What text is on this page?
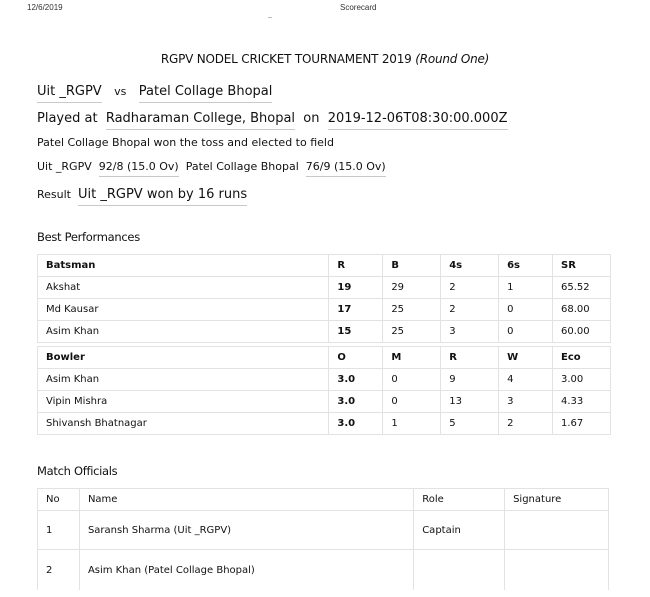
12/6/2019	Scorecard
RGPV NODEL CRICKET TOURNAMENT 2019 (Round One)
Uit _RGPV vs Patel Collage Bhopal
Played at Radharaman College, Bhopal on 2019-12-06T08:30:00.000Z
Patel Collage Bhopal won the toss and elected to field
Uit _RGPV 92/8 (15.0 Ov) Patel Collage Bhopal 76/9 (15.0 Ov)
Result Uit _RGPV won by 16 runs
Best Performances
Batsman	R	B	4s	6s	SR
Akshat	19	29	2	1	65.52
Md Kausar	17	25	2	0	68.00
Asim Khan	15	25	3	0	60.00

Bowler	O	M	R	W	Eco
Asim Khan	3.0	0	9	4	3.00
Vipin Mishra	3.0	0	13	3	4.33
Shivansh Bhatnagar	3.0	1	5	2	1.67
Match Officials
No	Name	Role	Signature
1	Saransh Sharma (Uit _RGPV)	Captain	
2	Asim Khan (Patel Collage Bhopal)		
